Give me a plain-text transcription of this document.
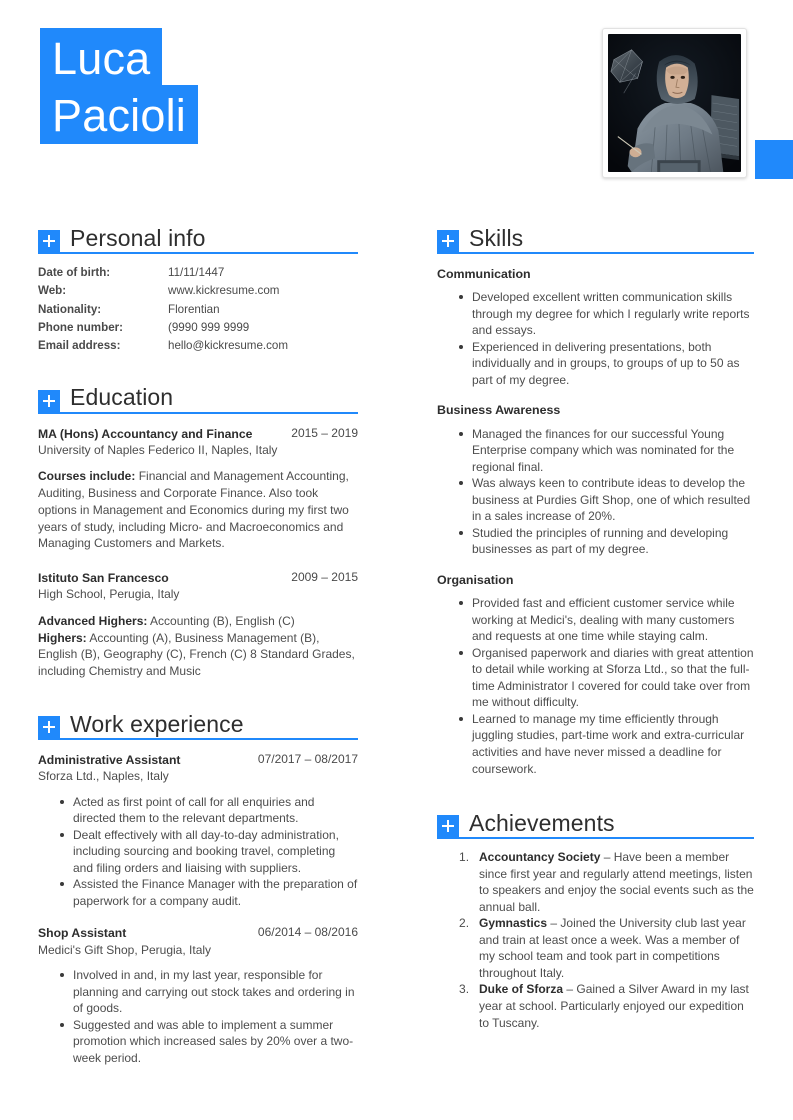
Luca
Pacioli
Personal info
Date of birth:	11/11/1447
Web:	www.kickresume.com
Nationality:	Florentian
Phone number:	(9990 999 9999
Email address:	hello@kickresume.com
Education
MA (Hons) Accountancy and Finance	2015 – 2019
University of Naples Federico II, Naples, Italy
Courses include: Financial and Management Accounting, Auditing, Business and Corporate Finance. Also took options in Management and Economics during my first two years of study, including Micro- and Macroeconomics and Managing Customers and Markets.
Istituto San Francesco	2009 – 2015
High School, Perugia, Italy
Advanced Highers: Accounting (B), English (C)
Highers: Accounting (A), Business Management (B), English (B), Geography (C), French (C) 8 Standard Grades, including Chemistry and Music
Work experience
Administrative Assistant	07/2017 – 08/2017
Sforza Ltd., Naples, Italy
Acted as first point of call for all enquiries and directed them to the relevant departments.
Dealt effectively with all day-to-day administration, including sourcing and booking travel, completing and filing orders and liaising with suppliers.
Assisted the Finance Manager with the preparation of paperwork for a company audit.
Shop Assistant	06/2014 – 08/2016
Medici's Gift Shop, Perugia, Italy
Involved in and, in my last year, responsible for planning and carrying out stock takes and ordering in of goods.
Suggested and was able to implement a summer promotion which increased sales by 20% over a two-week period.
Skills
Communication
Developed excellent written communication skills through my degree for which I regularly write reports and essays.
Experienced in delivering presentations, both individually and in groups, to groups of up to 50 as part of my degree.
Business Awareness
Managed the finances for our successful Young Enterprise company which was nominated for the regional final.
Was always keen to contribute ideas to develop the business at Purdies Gift Shop, one of which resulted in a sales increase of 20%.
Studied the principles of running and developing businesses as part of my degree.
Organisation
Provided fast and efficient customer service while working at Medici's, dealing with many customers and requests at one time while staying calm.
Organised paperwork and diaries with great attention to detail while working at Sforza Ltd., so that the full-time Administrator I covered for could take over from me without difficulty.
Learned to manage my time efficiently through juggling studies, part-time work and extra-curricular activities and have never missed a deadline for coursework.
Achievements
Accountancy Society – Have been a member since first year and regularly attend meetings, listen to speakers and enjoy the social events such as the annual ball.
Gymnastics – Joined the University club last year and train at least once a week. Was a member of my school team and took part in competitions throughout Italy.
Duke of Sforza – Gained a Silver Award in my last year at school. Particularly enjoyed our expedition to Tuscany.
